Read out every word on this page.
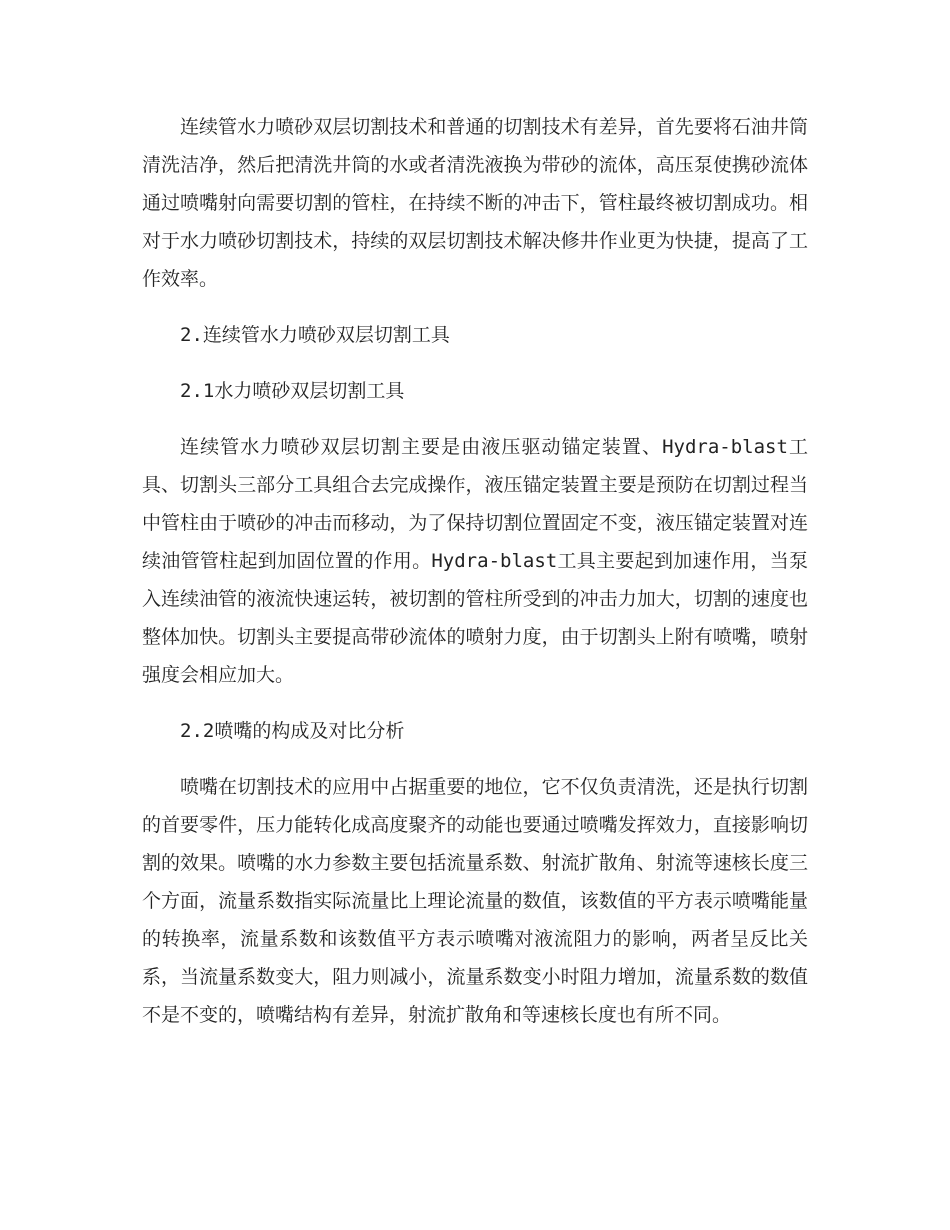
连续管水力喷砂双层切割技术和普通的切割技术有差异，首先要将石油井筒清洗洁净，然后把清洗井筒的水或者清洗液换为带砂的流体，高压泵使携砂流体通过喷嘴射向需要切割的管柱，在持续不断的冲击下，管柱最终被切割成功。相对于水力喷砂切割技术，持续的双层切割技术解决修井作业更为快捷，提高了工作效率。

2.连续管水力喷砂双层切割工具

2.1水力喷砂双层切割工具

连续管水力喷砂双层切割主要是由液压驱动锚定装置、Hydra-blast工具、切割头三部分工具组合去完成操作，液压锚定装置主要是预防在切割过程当中管柱由于喷砂的冲击而移动，为了保持切割位置固定不变，液压锚定装置对连续油管管柱起到加固位置的作用。Hydra-blast工具主要起到加速作用，当泵入连续油管的液流快速运转，被切割的管柱所受到的冲击力加大，切割的速度也整体加快。切割头主要提高带砂流体的喷射力度，由于切割头上附有喷嘴，喷射强度会相应加大。

2.2喷嘴的构成及对比分析

喷嘴在切割技术的应用中占据重要的地位，它不仅负责清洗，还是执行切割的首要零件，压力能转化成高度聚齐的动能也要通过喷嘴发挥效力，直接影响切割的效果。喷嘴的水力参数主要包括流量系数、射流扩散角、射流等速核长度三个方面，流量系数指实际流量比上理论流量的数值，该数值的平方表示喷嘴能量的转换率，流量系数和该数值平方表示喷嘴对液流阻力的影响，两者呈反比关系，当流量系数变大，阻力则减小，流量系数变小时阻力增加，流量系数的数值不是不变的，喷嘴结构有差异，射流扩散角和等速核长度也有所不同。
